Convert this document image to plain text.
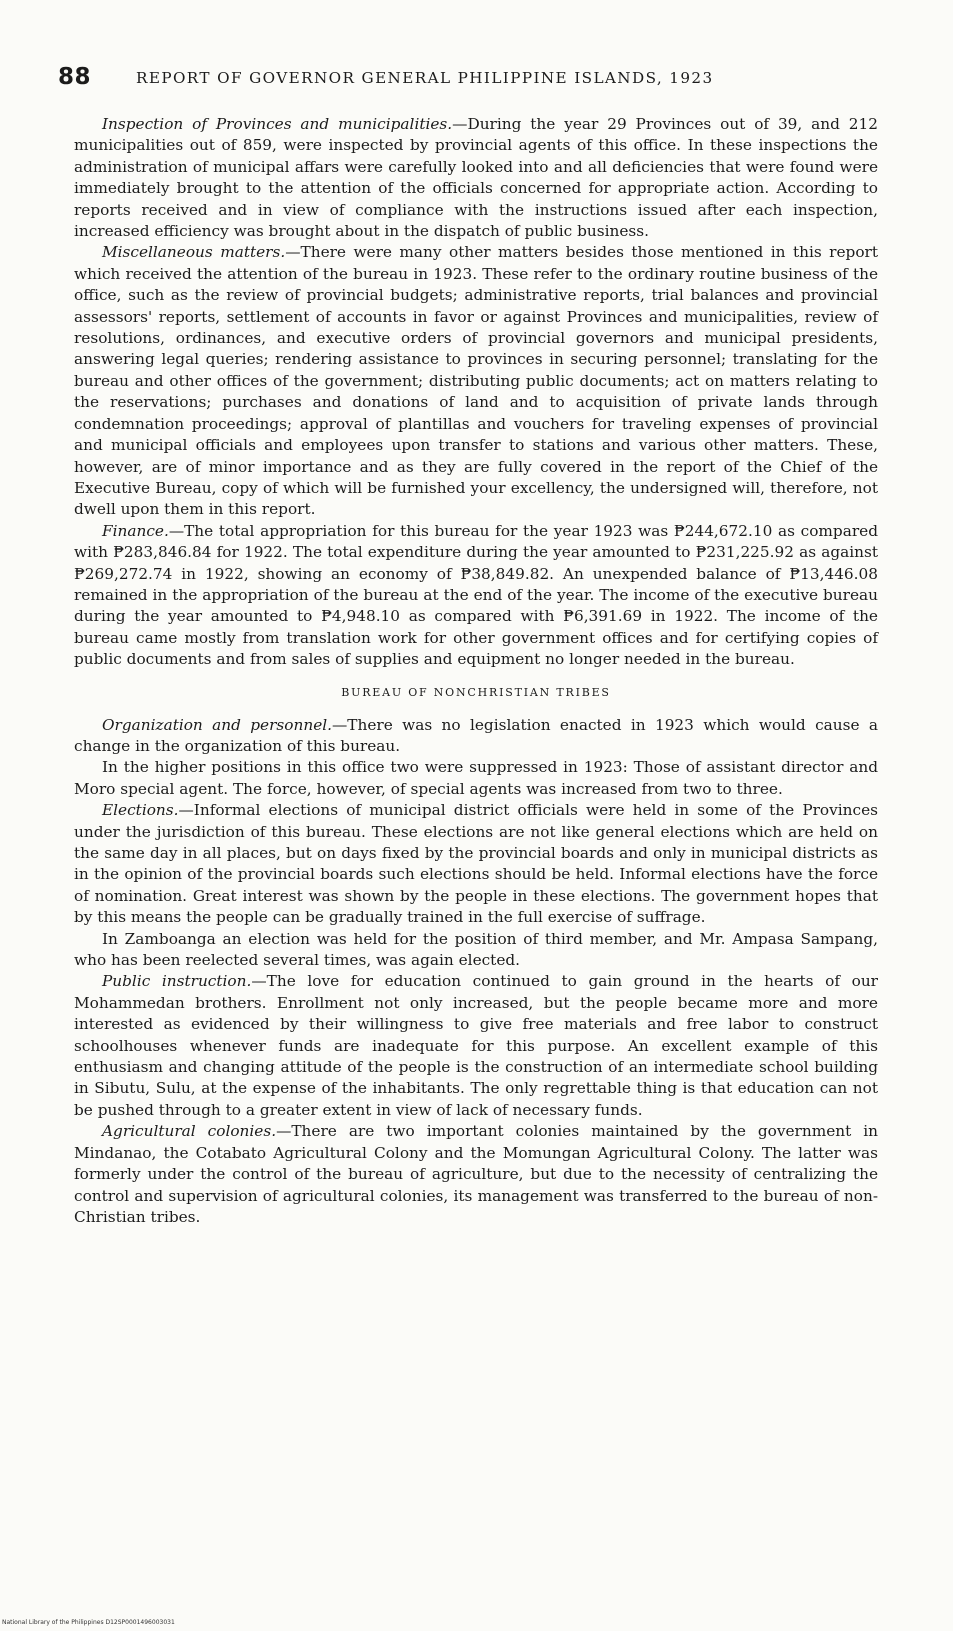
88	REPORT OF GOVERNOR GENERAL PHILIPPINE ISLANDS, 1923

Inspection of Provinces and municipalities.—During the year 29 Provinces out of 39, and 212 municipalities out of 859, were inspected by provincial agents of this office. In these inspections the administration of municipal affars were carefully looked into and all deficiencies that were found were immediately brought to the attention of the officials concerned for appropriate action. According to reports received and in view of compliance with the instructions issued after each inspection, increased efficiency was brought about in the dispatch of public business.

Miscellaneous matters.—There were many other matters besides those mentioned in this report which received the attention of the bureau in 1923. These refer to the ordinary routine business of the office, such as the review of provincial budgets; administrative reports, trial balances and provincial assessors' reports, settlement of accounts in favor or against Provinces and municipalities, review of resolutions, ordinances, and executive orders of provincial governors and municipal presidents, answering legal queries; rendering assistance to provinces in securing personnel; translating for the bureau and other offices of the government; distributing public documents; act on matters relating to the reservations; purchases and donations of land and to acquisition of private lands through condemnation proceedings; approval of plantillas and vouchers for traveling expenses of provincial and municipal officials and employees upon transfer to stations and various other matters. These, however, are of minor importance and as they are fully covered in the report of the Chief of the Executive Bureau, copy of which will be furnished your excellency, the undersigned will, therefore, not dwell upon them in this report.

Finance.—The total appropriation for this bureau for the year 1923 was ₱244,672.10 as compared with ₱283,846.84 for 1922. The total expenditure during the year amounted to ₱231,225.92 as against ₱269,272.74 in 1922, showing an economy of ₱38,849.82. An unexpended balance of ₱13,446.08 remained in the appropriation of the bureau at the end of the year. The income of the executive bureau during the year amounted to ₱4,948.10 as compared with ₱6,391.69 in 1922. The income of the bureau came mostly from translation work for other government offices and for certifying copies of public documents and from sales of supplies and equipment no longer needed in the bureau.

BUREAU OF NONCHRISTIAN TRIBES

Organization and personnel.—There was no legislation enacted in 1923 which would cause a change in the organization of this bureau.

In the higher positions in this office two were suppressed in 1923: Those of assistant director and Moro special agent. The force, however, of special agents was increased from two to three.

Elections.—Informal elections of municipal district officials were held in some of the Provinces under the jurisdiction of this bureau. These elections are not like general elections which are held on the same day in all places, but on days fixed by the provincial boards and only in municipal districts as in the opinion of the provincial boards such elections should be held. Informal elections have the force of nomination. Great interest was shown by the people in these elections. The government hopes that by this means the people can be gradually trained in the full exercise of suffrage.

In Zamboanga an election was held for the position of third member, and Mr. Ampasa Sampang, who has been reelected several times, was again elected.

Public instruction.—The love for education continued to gain ground in the hearts of our Mohammedan brothers. Enrollment not only increased, but the people became more and more interested as evidenced by their willingness to give free materials and free labor to construct schoolhouses whenever funds are inadequate for this purpose. An excellent example of this enthusiasm and changing attitude of the people is the construction of an intermediate school building in Sibutu, Sulu, at the expense of the inhabitants. The only regrettable thing is that education can not be pushed through to a greater extent in view of lack of necessary funds.

Agricultural colonies.—There are two important colonies maintained by the government in Mindanao, the Cotabato Agricultural Colony and the Momungan Agricultural Colony. The latter was formerly under the control of the bureau of agriculture, but due to the necessity of centralizing the control and supervision of agricultural colonies, its management was transferred to the bureau of non-Christian tribes.

National Library of the Philippines D12SP0001496003031
